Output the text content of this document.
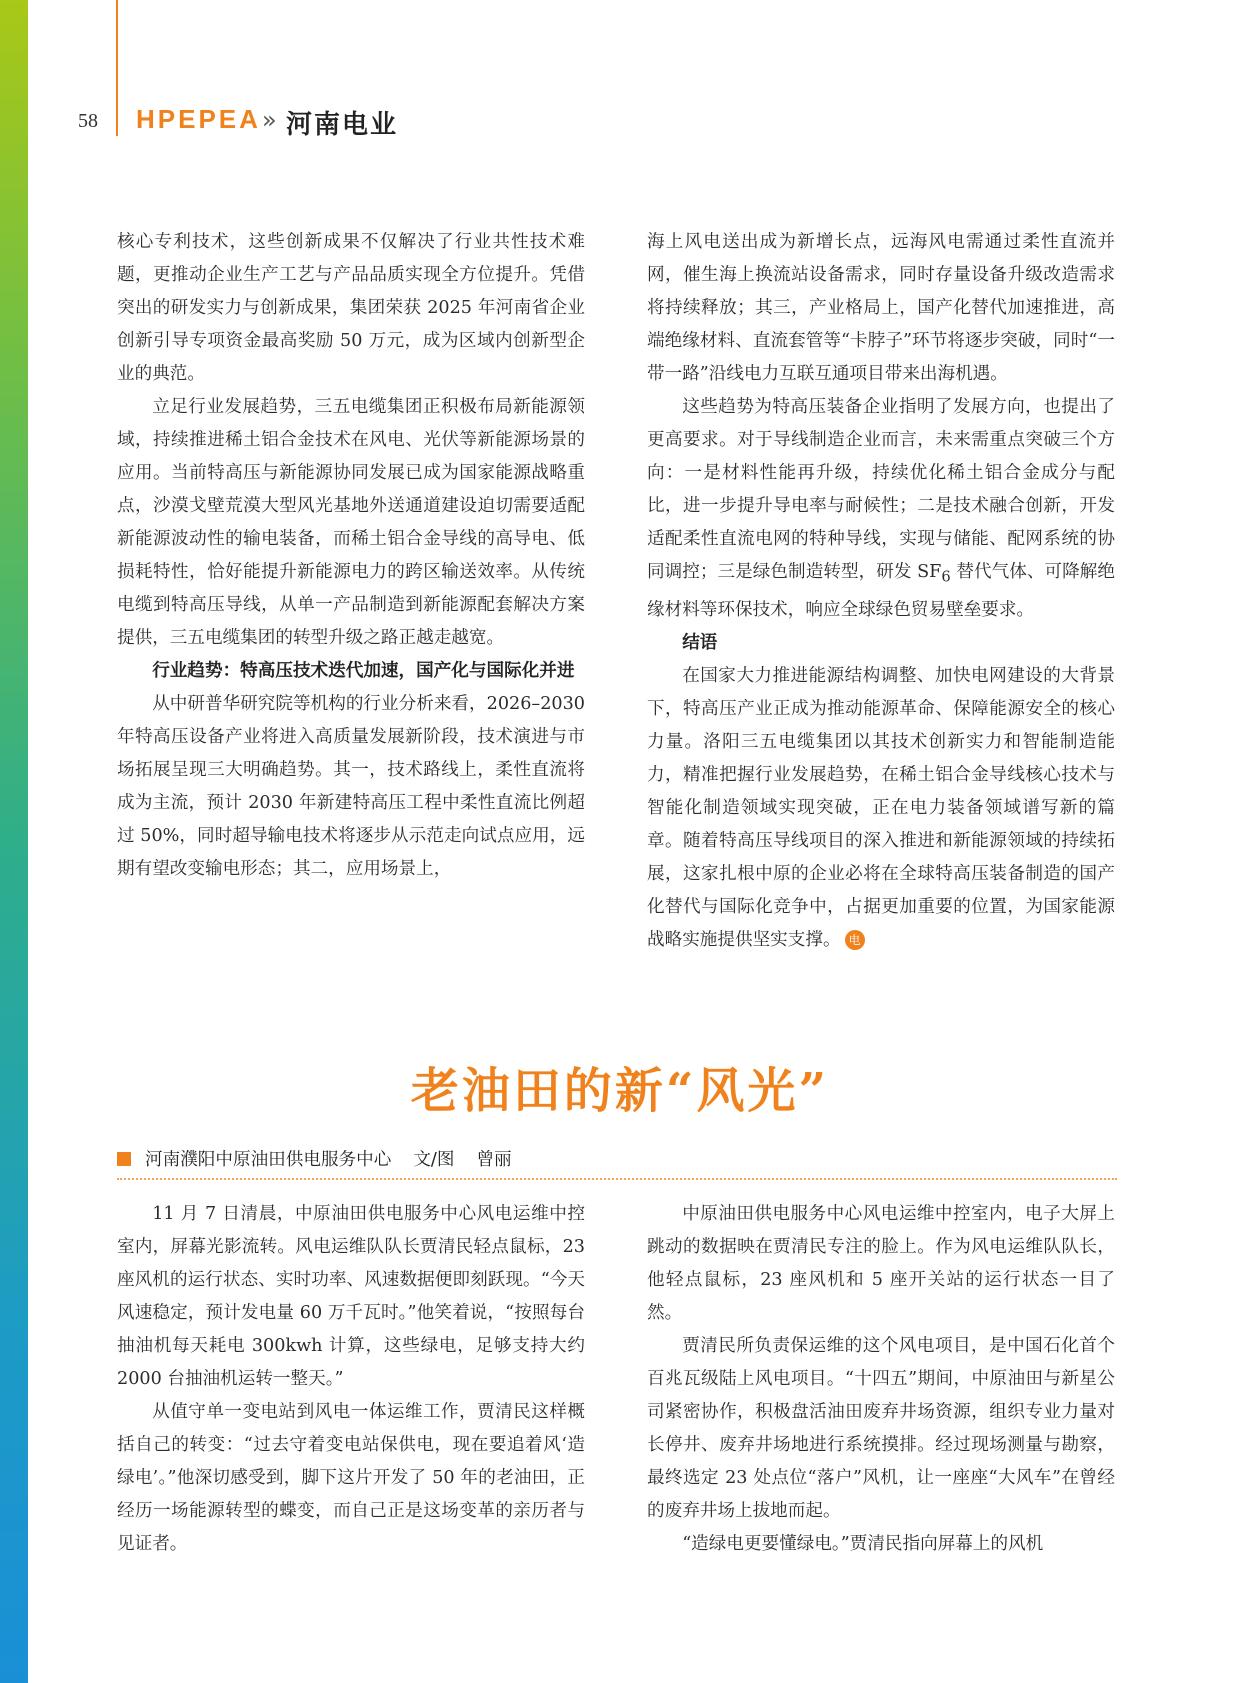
58 HPEPEA » 河南电业

核心专利技术，这些创新成果不仅解决了行业共性技术难题，更推动企业生产工艺与产品品质实现全方位提升。凭借突出的研发实力与创新成果，集团荣获 2025 年河南省企业创新引导专项资金最高奖励 50 万元，成为区域内创新型企业的典范。

立足行业发展趋势，三五电缆集团正积极布局新能源领域，持续推进稀土铝合金技术在风电、光伏等新能源场景的应用。当前特高压与新能源协同发展已成为国家能源战略重点，沙漠戈壁荒漠大型风光基地外送通道建设迫切需要适配新能源波动性的输电装备，而稀土铝合金导线的高导电、低损耗特性，恰好能提升新能源电力的跨区输送效率。从传统电缆到特高压导线，从单一产品制造到新能源配套解决方案提供，三五电缆集团的转型升级之路正越走越宽。

行业趋势：特高压技术迭代加速，国产化与国际化并进

从中研普华研究院等机构的行业分析来看，2026–2030 年特高压设备产业将进入高质量发展新阶段，技术演进与市场拓展呈现三大明确趋势。其一，技术路线上，柔性直流将成为主流，预计 2030 年新建特高压工程中柔性直流比例超过 50%，同时超导输电技术将逐步从示范走向试点应用，远期有望改变输电形态；其二，应用场景上，

海上风电送出成为新增长点，远海风电需通过柔性直流并网，催生海上换流站设备需求，同时存量设备升级改造需求将持续释放；其三，产业格局上，国产化替代加速推进，高端绝缘材料、直流套管等“卡脖子”环节将逐步突破，同时“一带一路”沿线电力互联互通项目带来出海机遇。

这些趋势为特高压装备企业指明了发展方向，也提出了更高要求。对于导线制造企业而言，未来需重点突破三个方向：一是材料性能再升级，持续优化稀土铝合金成分与配比，进一步提升导电率与耐候性；二是技术融合创新，开发适配柔性直流电网的特种导线，实现与储能、配网系统的协同调控；三是绿色制造转型，研发 $SF_6$ 替代气体、可降解绝缘材料等环保技术，响应全球绿色贸易壁垒要求。

结语

在国家大力推进能源结构调整、加快电网建设的大背景下，特高压产业正成为推动能源革命、保障能源安全的核心力量。洛阳三五电缆集团以其技术创新实力和智能制造能力，精准把握行业发展趋势，在稀土铝合金导线核心技术与智能化制造领域实现突破，正在电力装备领域谱写新的篇章。随着特高压导线项目的深入推进和新能源领域的持续拓展，这家扎根中原的企业必将在全球特高压装备制造的国产化替代与国际化竞争中，占据更加重要的位置，为国家能源战略实施提供坚实支撑。 电

老油田的新“风光”
河南濮阳中原油田供电服务中心 文/图 曾丽

11 月 7 日清晨，中原油田供电服务中心风电运维中控室内，屏幕光影流转。风电运维队队长贾清民轻点鼠标，23 座风机的运行状态、实时功率、风速数据便即刻跃现。“今天风速稳定，预计发电量 60 万千瓦时。”他笑着说，“按照每台抽油机每天耗电 300kwh 计算，这些绿电，足够支持大约 2000 台抽油机运转一整天。”

从值守单一变电站到风电一体运维工作，贾清民这样概括自己的转变：“过去守着变电站保供电，现在要追着风‘造绿电’。”他深切感受到，脚下这片开发了 50 年的老油田，正经历一场能源转型的蝶变，而自己正是这场变革的亲历者与见证者。

中原油田供电服务中心风电运维中控室内，电子大屏上跳动的数据映在贾清民专注的脸上。作为风电运维队队长，他轻点鼠标，23 座风机和 5 座开关站的运行状态一目了然。

贾清民所负责保运维的这个风电项目，是中国石化首个百兆瓦级陆上风电项目。“十四五”期间，中原油田与新星公司紧密协作，积极盘活油田废弃井场资源，组织专业力量对长停井、废弃井场地进行系统摸排。经过现场测量与勘察，最终选定 23 处点位“落户”风机，让一座座“大风车”在曾经的废弃井场上拔地而起。

“造绿电更要懂绿电。”贾清民指向屏幕上的风机
